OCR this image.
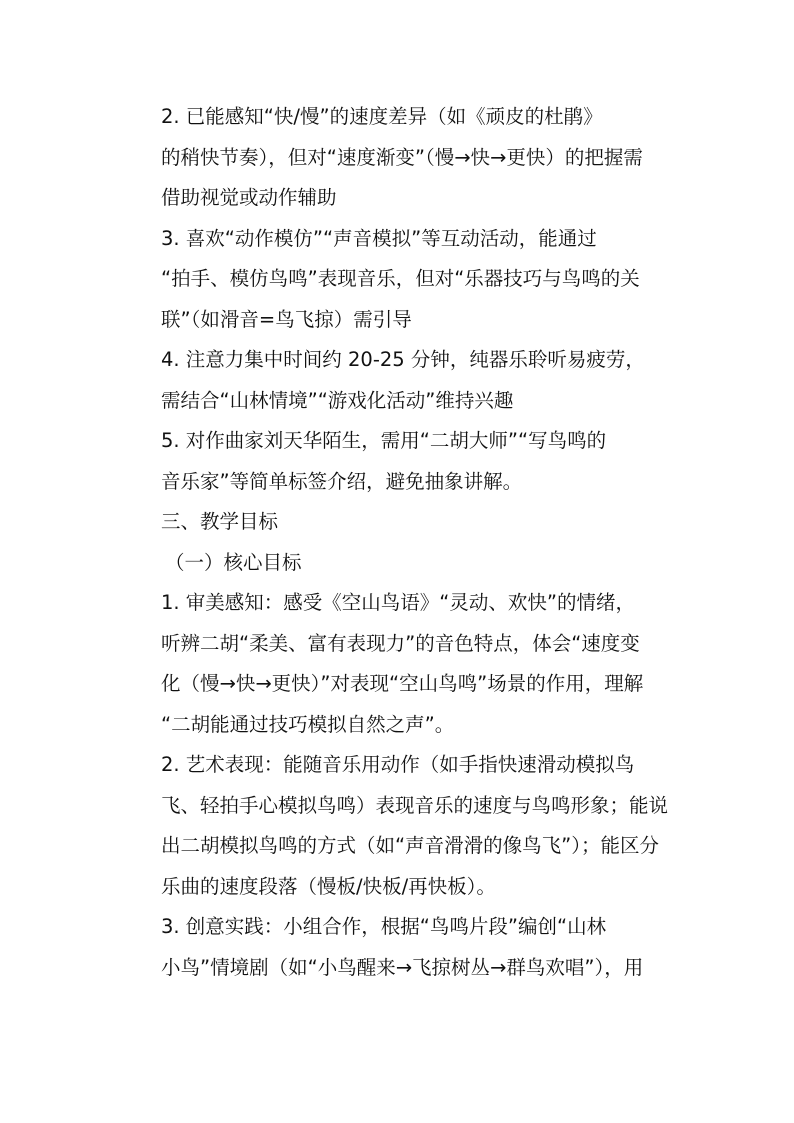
2. 已能感知“快/慢”的速度差异（如《顽皮的杜鹃》
的稍快节奏），但对“速度渐变”（慢→快→更快）的把握需
借助视觉或动作辅助

3. 喜欢“动作模仿”“声音模拟”等互动活动，能通过
“拍手、模仿鸟鸣”表现音乐，但对“乐器技巧与鸟鸣的关
联”（如滑音=鸟飞掠）需引导

4. 注意力集中时间约 20-25 分钟，纯器乐聆听易疲劳，
需结合“山林情境”“游戏化活动”维持兴趣

5. 对作曲家刘天华陌生，需用“二胡大师”“写鸟鸣的
音乐家”等简单标签介绍，避免抽象讲解。

三、教学目标

（一）核心目标

1. 审美感知：感受《空山鸟语》“灵动、欢快”的情绪，
听辨二胡“柔美、富有表现力”的音色特点，体会“速度变
化（慢→快→更快）”对表现“空山鸟鸣”场景的作用，理解
“二胡能通过技巧模拟自然之声”。

2. 艺术表现：能随音乐用动作（如手指快速滑动模拟鸟
飞、轻拍手心模拟鸟鸣）表现音乐的速度与鸟鸣形象；能说
出二胡模拟鸟鸣的方式（如“声音滑滑的像鸟飞”）；能区分
乐曲的速度段落（慢板/快板/再快板）。

3. 创意实践：小组合作，根据“鸟鸣片段”编创“山林
小鸟”情境剧（如“小鸟醒来→飞掠树丛→群鸟欢唱”），用
